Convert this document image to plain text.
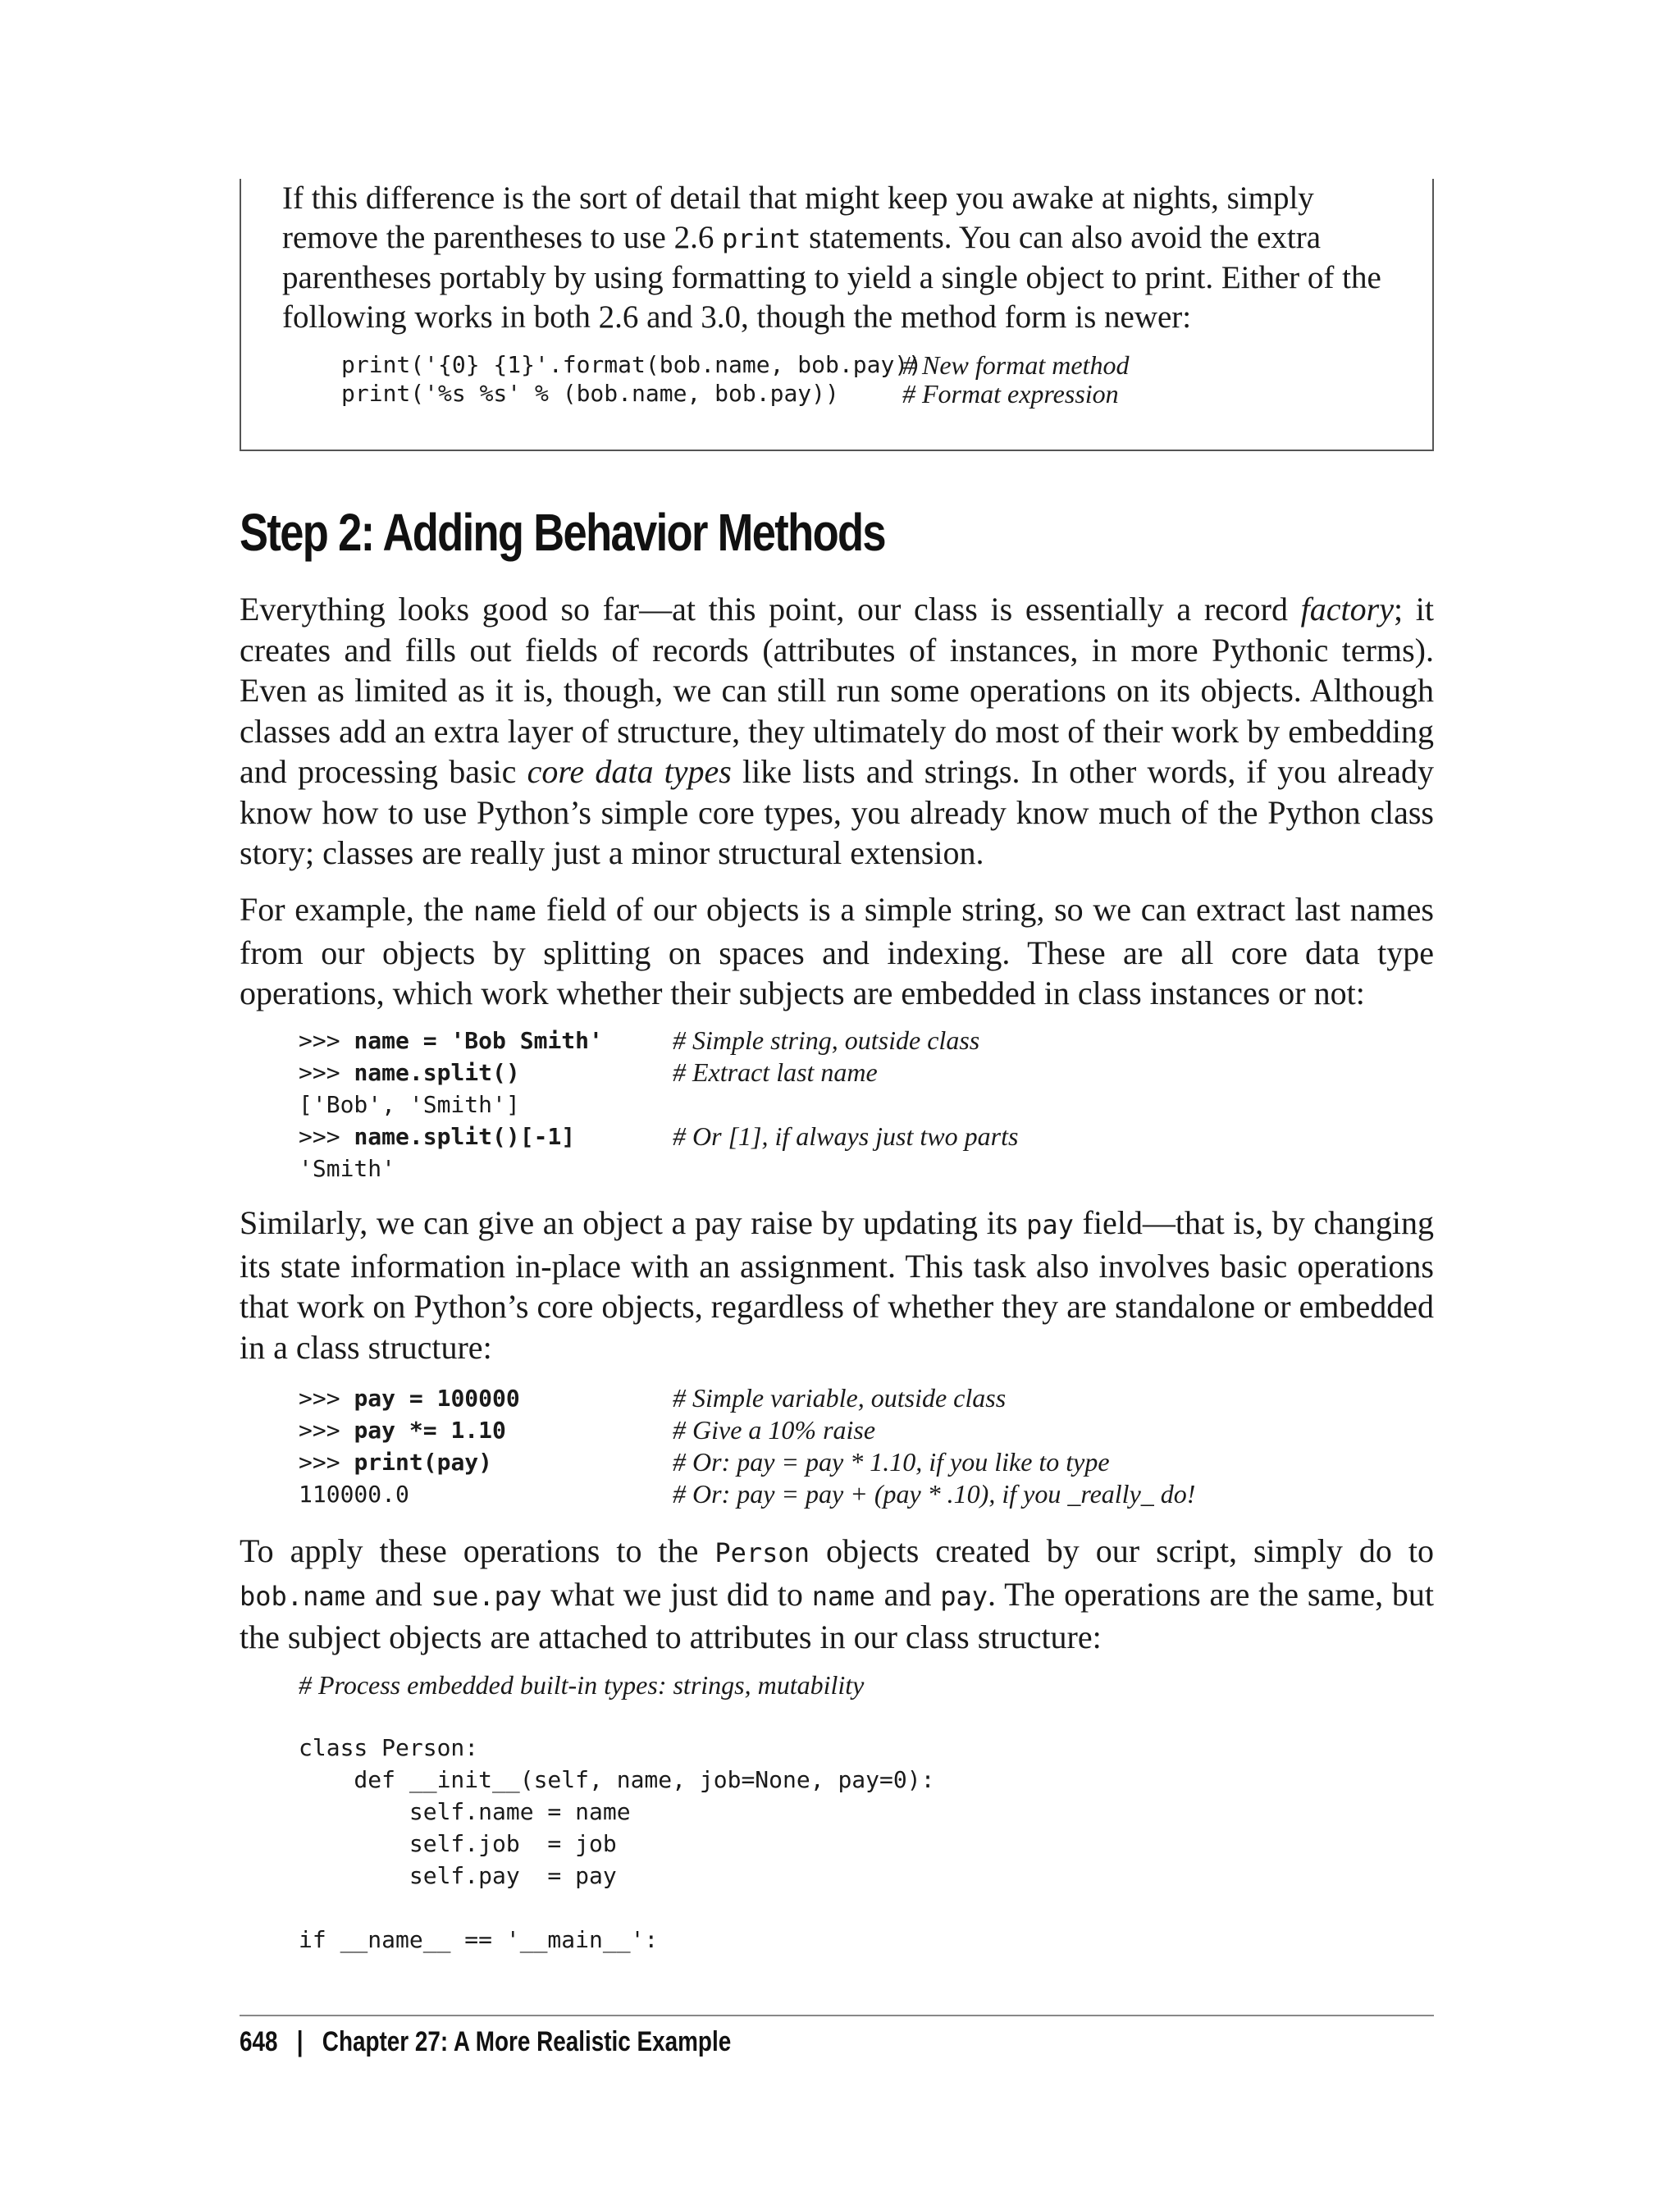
If this difference is the sort of detail that might keep you awake at nights, simply remove the parentheses to use 2.6 print statements. You can also avoid the extra parentheses portably by using formatting to yield a single object to print. Either of the following works in both 2.6 and 3.0, though the method form is newer:

print('{0} {1}'.format(bob.name, bob.pay))
# New format method
print('%s %s' % (bob.name, bob.pay)) # Format expression
Step 2: Adding Behavior Methods

Everything looks good so far—at this point, our class is essentially a record factory; it creates and fills out fields of records (attributes of instances, in more Pythonic terms). Even as limited as it is, though, we can still run some operations on its objects. Although classes add an extra layer of structure, they ultimately do most of their work by embedding and processing basic core data types like lists and strings. In other words, if you already know how to use Python’s simple core types, you already know much of the Python class story; classes are really just a minor structural extension.

For example, the name field of our objects is a simple string, so we can extract last names from our objects by splitting on spaces and indexing. These are all core data type operations, which work whether their subjects are embedded in class instances or not:

>>> name = 'Bob Smith'	# Simple string, outside class
>>> name.split()	# Extract last name
['Bob', 'Smith']
>>> name.split()[-1]	# Or [1], if always just two parts
'Smith'

Similarly, we can give an object a pay raise by updating its pay field—that is, by changing its state information in-place with an assignment. This task also involves basic operations that work on Python’s core objects, regardless of whether they are standalone or embedded in a class structure:

>>> pay = 100000	# Simple variable, outside class
>>> pay *= 1.10	# Give a 10% raise
>>> print(pay)	# Or: pay = pay * 1.10, if you like to type
110000.0	# Or: pay = pay + (pay * .10), if you _really_ do!

To apply these operations to the Person objects created by our script, simply do to bob.name and sue.pay what we just did to name and pay. The operations are the same, but the subject objects are attached to attributes in our class structure:

# Process embedded built-in types: strings, mutability
class Person:
def __init__(self, name, job=None, pay=0):
self.name = name
self.job  = job
self.pay  = pay
if __name__ == '__main__':
648 | Chapter 27: A More Realistic Example
